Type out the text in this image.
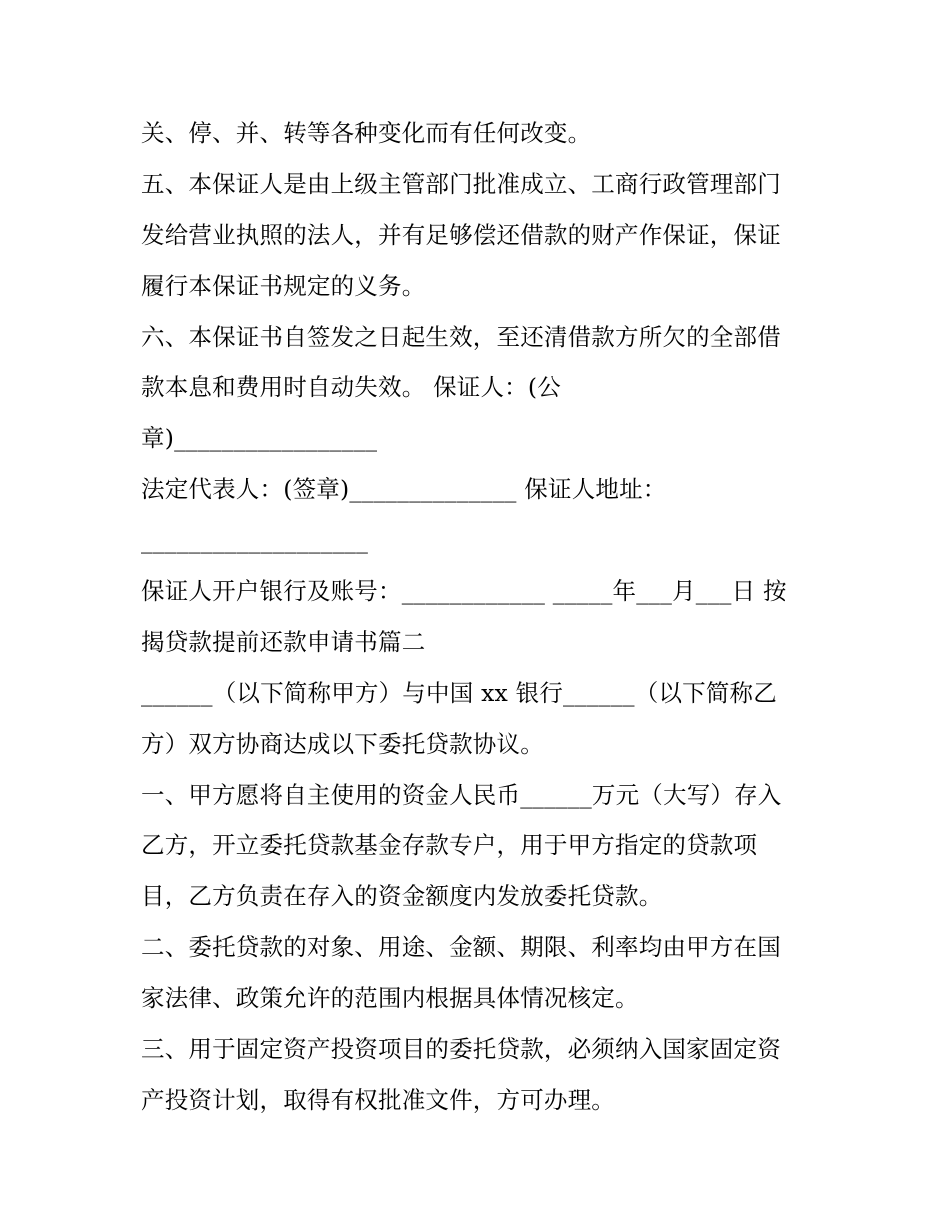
关、停、并、转等各种变化而有任何改变。
五、本保证人是由上级主管部门批准成立、工商行政管理部门
发给营业执照的法人，并有足够偿还借款的财产作保证，保证
履行本保证书规定的义务。
六、本保证书自签发之日起生效，至还清借款方所欠的全部借
款本息和费用时自动失效。 保证人：(公
章)_________________
法定代表人：(签章)______________ 保证人地址：
___________________
保证人开户银行及账号：____________ _____年___月___日 按
揭贷款提前还款申请书篇二
______（以下简称甲方）与中国 xx 银行______（以下简称乙
方）双方协商达成以下委托贷款协议。
一、甲方愿将自主使用的资金人民币______万元（大写）存入
乙方，开立委托贷款基金存款专户，用于甲方指定的贷款项
目，乙方负责在存入的资金额度内发放委托贷款。
二、委托贷款的对象、用途、金额、期限、利率均由甲方在国
家法律、政策允许的范围内根据具体情况核定。
三、用于固定资产投资项目的委托贷款，必须纳入国家固定资
产投资计划，取得有权批准文件，方可办理。
